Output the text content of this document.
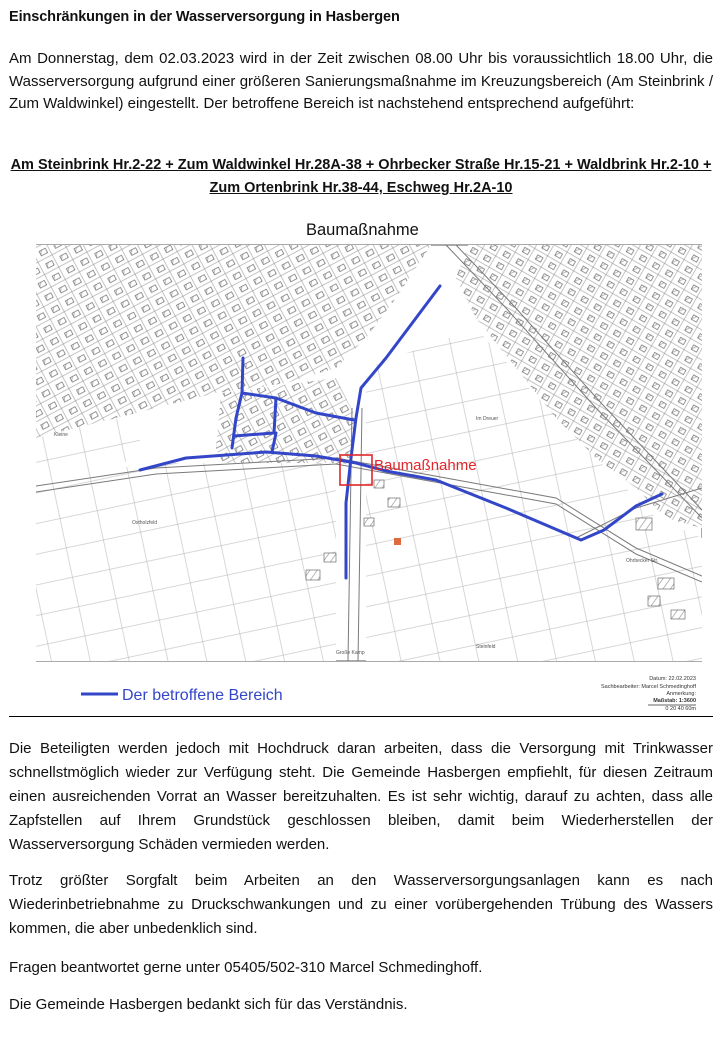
Einschränkungen in der Wasserversorgung in Hasbergen
Am Donnerstag, dem 02.03.2023 wird in der Zeit zwischen 08.00 Uhr bis voraussichtlich 18.00 Uhr, die Wasserversorgung aufgrund einer größeren Sanierungsmaßnahme im Kreuzungsbereich (Am Steinbrink / Zum Waldwinkel) eingestellt. Der betroffene Bereich ist nachstehend entsprechend aufgeführt:
Am Steinbrink Hr.2-22 + Zum Waldwinkel Hr.28A-38 + Ohrbecker Straße Hr.15-21 + Waldbrink Hr.2-10 + Zum Ortenbrink Hr.38-44, Eschweg Hr.2A-10
Baumaßnahme
Kleine
Ostholzfeld
Im Dreuer
Große Kamp
Steinfeld
Ohrbecker Str.
Baumaßnahme
Der betroffene Bereich
Datum: 22.02.2023
Sachbearbeiter: Marcel Schmedinghoff
Anmerkung:
Maßstab: 1:3600
0 20 40 60m
Die Beteiligten werden jedoch mit Hochdruck daran arbeiten, dass die Versorgung mit Trinkwasser schnellstmöglich wieder zur Verfügung steht. Die Gemeinde Hasbergen empfiehlt, für diesen Zeitraum einen ausreichenden Vorrat an Wasser bereitzuhalten. Es ist sehr wichtig, darauf zu achten, dass alle Zapfstellen auf Ihrem Grundstück geschlossen bleiben, damit beim Wiederherstellen der Wasserversorgung Schäden vermieden werden.
Trotz größter Sorgfalt beim Arbeiten an den Wasserversorgungsanlagen kann es nach Wiederinbetriebnahme zu Druckschwankungen und zu einer vorübergehenden Trübung des Wassers kommen, die aber unbedenklich sind.
Fragen beantwortet gerne unter 05405/502-310 Marcel Schmedinghoff.
Die Gemeinde Hasbergen bedankt sich für das Verständnis.
